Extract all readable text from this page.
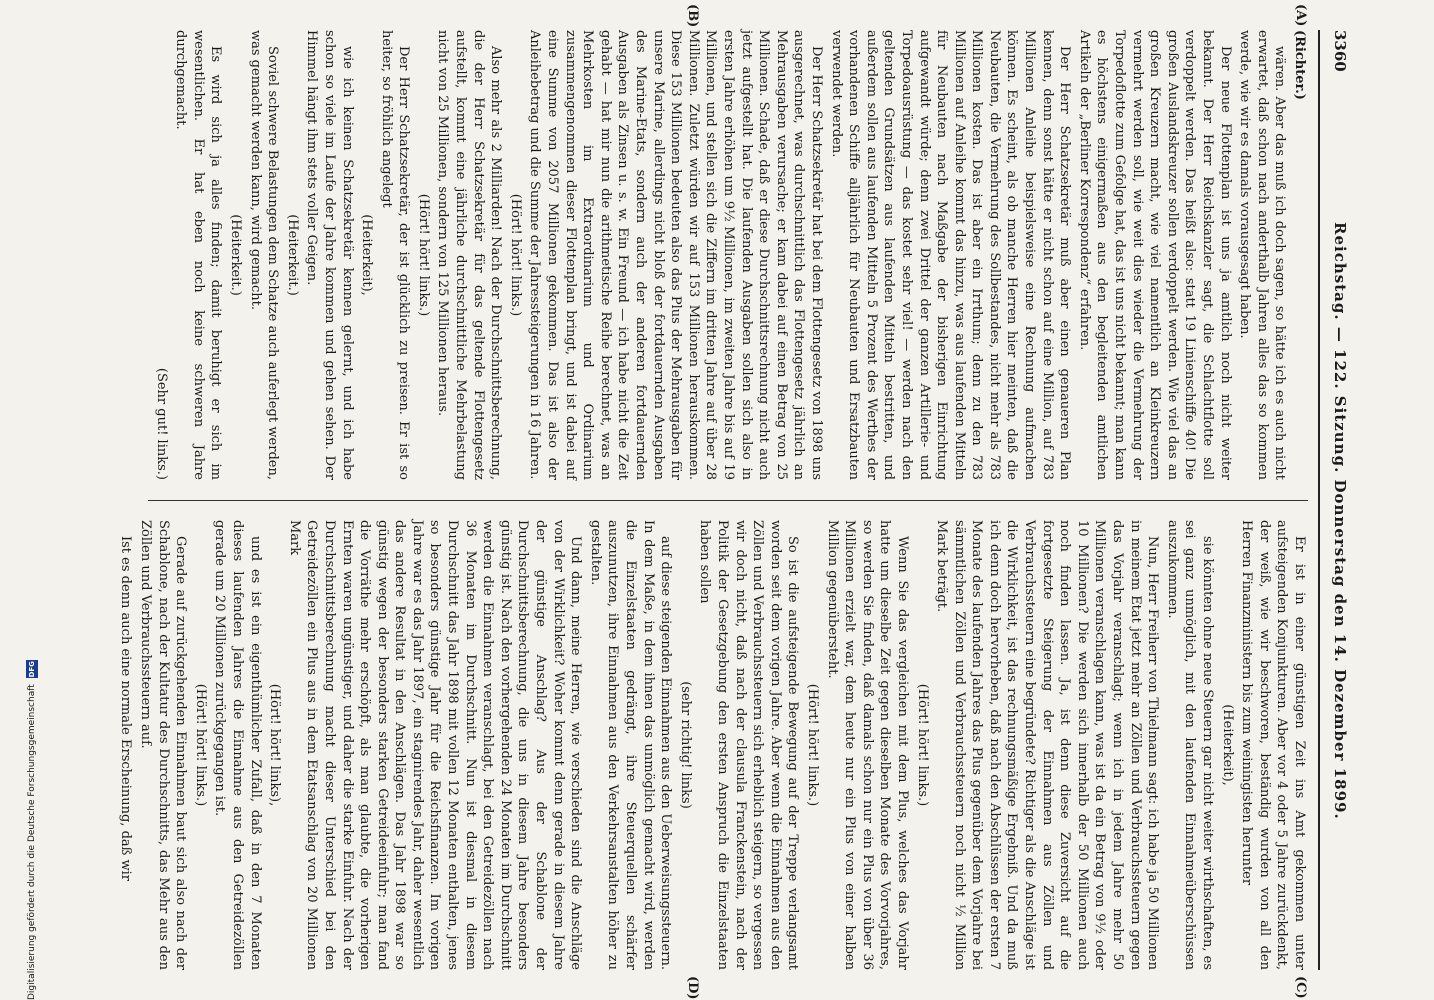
3360
Reichstag. — 122. Sitzung. Donnerstag den 14. Dezember 1899.
(A)
(B)
(C)
(D)

(Richter.)

wären. Aber das muß ich doch sagen, so hätte ich es auch nicht erwartet, daß schon nach anderthalb Jahren alles das so kommen werde, wie wir es damals vorausgesagt haben.

Der neue Flottenplan ist uns ja amtlich noch nicht weiter bekannt. Der Herr Reichskanzler sagt, die Schlachtflotte soll verdoppelt werden. Das heißt also: statt 19 Linienschiffe 40! Die großen Auslandskreuzer sollen verdoppelt werden. Wie viel das an großen Kreuzern macht, wie viel namentlich an Kleinkreuzern vermehrt werden soll, wie weit dies wieder die Vermehrung der Torpedoflotte zum Gefolge hat, das ist uns nicht bekannt; man kann es höchstens einigermaßen aus den begleitenden amtlichen Artikeln der „Berliner Korrespondenz“ erfahren.

Der Herr Schatzsekretär muß aber einen genaueren Plan kennen, denn sonst hätte er nicht schon auf eine Million, auf 783 Millionen Anleihe beispielsweise eine Rechnung aufmachen können. Es scheint, als ob manche Herren hier meinten, daß die Neubauten, die Vermehrung des Sollbestandes, nicht mehr als 783 Millionen kosten. Das ist aber ein Irrthum; denn zu den 783 Millionen auf Anleihe kommt das hinzu, was aus laufenden Mitteln für Neubauten nach Maßgabe der bisherigen Einrichtung aufgewandt würde; denn zwei Drittel der ganzen Artillerie- und Torpedoausrüstung — das kostet sehr viel! — werden nach den geltenden Grundsätzen aus laufenden Mitteln bestritten, und außerdem sollen aus laufenden Mitteln 5 Prozent des Werthes der vorhandenen Schiffe alljährlich für Neubauten und Ersatzbauten verwendet werden.

Der Herr Schatzsekretär hat bei dem Flottengesetz von 1898 uns ausgerechnet, was durchschnittlich das Flottengesetz jährlich an Mehrausgaben verursache; er kam dabei auf einen Betrag von 25 Millionen. Schade, daß er diese Durchschnittsrechnung nicht auch jetzt aufgestellt hat. Die laufenden Ausgaben sollen sich also in ersten Jahre erhöhen um 9½ Millionen, im zweiten Jahre bis auf 19 Millionen, und stellen sich die Ziffern im dritten Jahre auf über 28 Millionen. Zuletzt würden wir auf 153 Millionen herauskommen. Diese 153 Millionen bedeuten also das Plus der Mehrausgaben für unsere Marine, allerdings nicht bloß der fortdauernden Ausgaben des Marine-Etats, sondern auch der anderen fortdauernden Ausgaben als Zinsen u. s. w. Ein Freund — ich habe nicht die Zeit gehabt — hat mir nun die arithmetische Reihe berechnet, was an Mehrkosten im Extraordinarium und Ordinarium zusammengenommen dieser Flottenplan bringt, und ist dabei auf eine Summe von 2057 Millionen gekommen. Das ist also der Anleihebetrag und die Summe der Jahressteigerungen in 16 Jahren.

(Hört! hört! links.)

Also mehr als 2 Milliarden! Nach der Durchschnittsberechnung, die der Herr Schatzsekretär für das geltende Flottengesetz aufstellt, kommt eine jährliche durchschnittliche Mehrbelastung nicht von 25 Millionen, sondern von 125 Millionen heraus.

(Hört! hört! links.)

Der Herr Schatzsekretär, der ist glücklich zu preisen. Er ist so heiter, so fröhlich angelegt

(Heiterkeit),

wie ich keinen Schatzsekretär kennen gelernt, und ich habe schon so viele im Laufe der Jahre kommen und gehen sehen. Der Himmel hängt ihm stets voller Geigen.

(Heiterkeit.)

Soviel schwere Belastungen dem Schatze auch auferlegt werden, was gemacht werden kann, wird gemacht.

(Heiterkeit.)

Es wird sich ja alles finden; damit beruhigt er sich im wesentlichen. Er hat eben noch keine schweren Jahre durchgemacht.

(Sehr gut! links.)

Er ist in einer günstigen Zeit ins Amt gekommen unter aufsteigenden Konjunkturen. Aber vor 4 oder 5 Jahre zurückdenkt, der weiß, wie wir beschworen, beständig wurden von all den Herren Finanzministern bis zum weiningisten herunter

(Heiterkeit),

sie könnten ohne neue Steuern gar nicht weiter wirthschaften, es sei ganz unmöglich, mit den laufenden Einnahmeüberschüssen auszukommen.

Nun, Herr Freiherr von Thielmann sagt: ich habe ja 50 Millionen in meinem Etat jetzt mehr an Zöllen und Verbrauchssteuern gegen das Vorjahr veranschlagt; wenn ich in jedem Jahre mehr 50 Millionen veranschlagen kann, was ist da ein Betrag von 9½ oder 10 Millionen? Die werden sich innerhalb der 50 Millionen auch noch finden lassen. Ja, ist denn diese Zuversicht auf die fortgesetzte Steigerung der Einnahmen aus Zöllen und Verbrauchssteuern eine begründete? Richtiger als die Anschläge ist die Wirklichkeit, ist das rechnungsmäßige Ergebniß. Und da muß ich denn doch hervorheben, daß nach den Abschlüssen der ersten 7 Monate des laufenden Jahres das Plus gegenüber dem Vorjahre bei sämmtlichen Zöllen und Verbrauchssteuern noch nicht ½ Million Mark beträgt.

(Hört! hört! links.)

Wenn Sie das vergleichen mit dem Plus, welches das Vorjahr hatte um dieselbe Zeit gegen dieselben Monate des Vorvorjahres, so werden Sie finden, daß damals schon nur ein Plus von über 36 Millionen erzielt war, dem heute nur ein Plus von einer halben Million gegenübersteht.

(Hört! hört! links.)

So ist die aufsteigende Bewegung auf der Treppe verlangsamt worden seit dem vorigen Jahre. Aber wenn die Einnahmen aus den Zöllen und Verbrauchssteuern sich erheblich steigern, so vergessen wir doch nicht, daß nach der clausula Franckenstein, nach der Politik der Gesetzgebung den ersten Anspruch die Einzelstaaten haben sollen

(sehr richtig! links)

auf diese steigenden Einnahmen aus den Ueberweisungssteuern. In dem Maße, in dem ihnen das unmöglich gemacht wird, werden die Einzelstaaten gedrängt, ihre Steuerquellen schärfer auszunutzen, ihre Einnahmen aus den Verkehrsanstalten höher zu gestalten.

Und dann, meine Herren, wie verschieden sind die Anschläge von der Wirklichkeit? Woher kommt denn gerade in diesem Jahre der günstige Anschlag? Aus der Schablone der Durchschnittsberechnung, die uns in diesem Jahre besonders günstig ist. Nach den vorhergehenden 24 Monaten im Durchschnitt werden die Einnahmen veranschlagt, bei den Getreidezöllen nach 36 Monaten im Durchschnitt. Nun ist diesmal in diesem Durchschnitt das Jahr 1898 mit vollen 12 Monaten enthalten, jenes so besonders günstige Jahr für die Reichsfinanzen. Im vorigen Jahre war es das Jahr 1897, ein stagnirendes Jahr, daher wesentlich das andere Resultat in den Anschlägen. Das Jahr 1898 war so günstig wegen der besonders starken Getreideeinfuhr; man fand die Vorräthe mehr erschöpft, als man glaubte, die vorherigen Ernten waren ungünstiger, und daher die starke Einfuhr. Nach der Durchschnittsberechnung macht dieser Unterschied bei den Getreidezöllen ein Plus aus in dem Etatsanschlag von 20 Millionen Mark

(Hört! hört! links),

und es ist ein eigenthümlicher Zufall, daß in den 7 Monaten dieses laufenden Jahres die Einnahme aus den Getreidezöllen gerade um 20 Millionen zurückgegangen ist.

(Hört! hört! links.)

Gerade auf zurückgehenden Einnahmen baut sich also nach der Schablone, nach der Kultatur des Durchschnitts, das Mehr aus den Zöllen und Verbrauchssteuern auf.

Ist es denn auch eine normale Erscheinung, daß wir

Digitalisierung gefördert durch die Deutsche Forschungsgemeinschaft
DFG
